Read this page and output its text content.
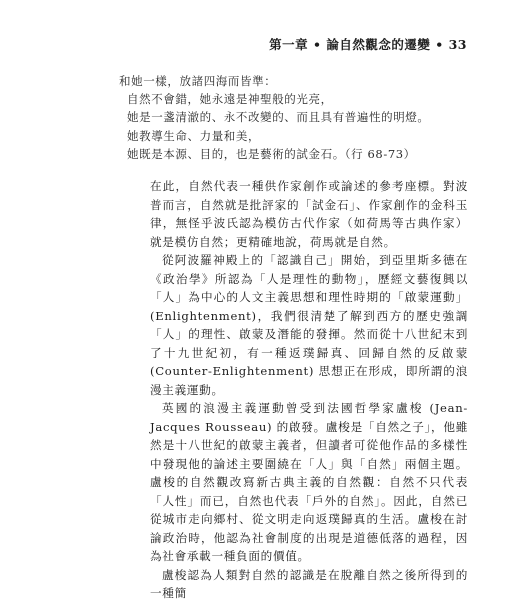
第一章 • 論自然觀念的遷變 • 33
和她一樣，放諸四海而皆準：
自然不會錯，她永遠是神聖般的光亮，
她是一盞清澈的、永不改變的、而且具有普遍性的明燈。
她教導生命、力量和美，
她既是本源、目的，也是藝術的試金石。（行 68-73）

在此，自然代表一種供作家創作或論述的參考座標。對波普而言，自然就是批評家的「試金石」、作家創作的金科玉律，無怪乎波氏認為模仿古代作家（如荷馬等古典作家）就是模仿自然；更精確地說，荷馬就是自然。

從阿波羅神殿上的「認識自己」開始，到亞里斯多德在《政治學》所認為「人是理性的動物」，歷經文藝復興以「人」為中心的人文主義思想和理性時期的「啟蒙運動」(Enlightenment)，我們很清楚了解到西方的歷史強調「人」的理性、啟蒙及潛能的發揮。然而從十八世紀末到了十九世紀初，有一種返璞歸真、回歸自然的反啟蒙 (Counter-Enlightenment) 思想正在形成，即所謂的浪漫主義運動。

英國的浪漫主義運動曾受到法國哲學家盧梭 (Jean-Jacques Rousseau) 的啟發。盧梭是「自然之子」，他雖然是十八世紀的啟蒙主義者，但讀者可從他作品的多樣性中發現他的論述主要圍繞在「人」與「自然」兩個主題。盧梭的自然觀改寫新古典主義的自然觀：自然不只代表「人性」而已，自然也代表「戶外的自然」。因此，自然已從城市走向鄉村、從文明走向返璞歸真的生活。盧梭在討論政治時，他認為社會制度的出現是道德低落的過程，因為社會承載一種負面的價值。

盧梭認為人類對自然的認識是在脫離自然之後所得到的一種簡
